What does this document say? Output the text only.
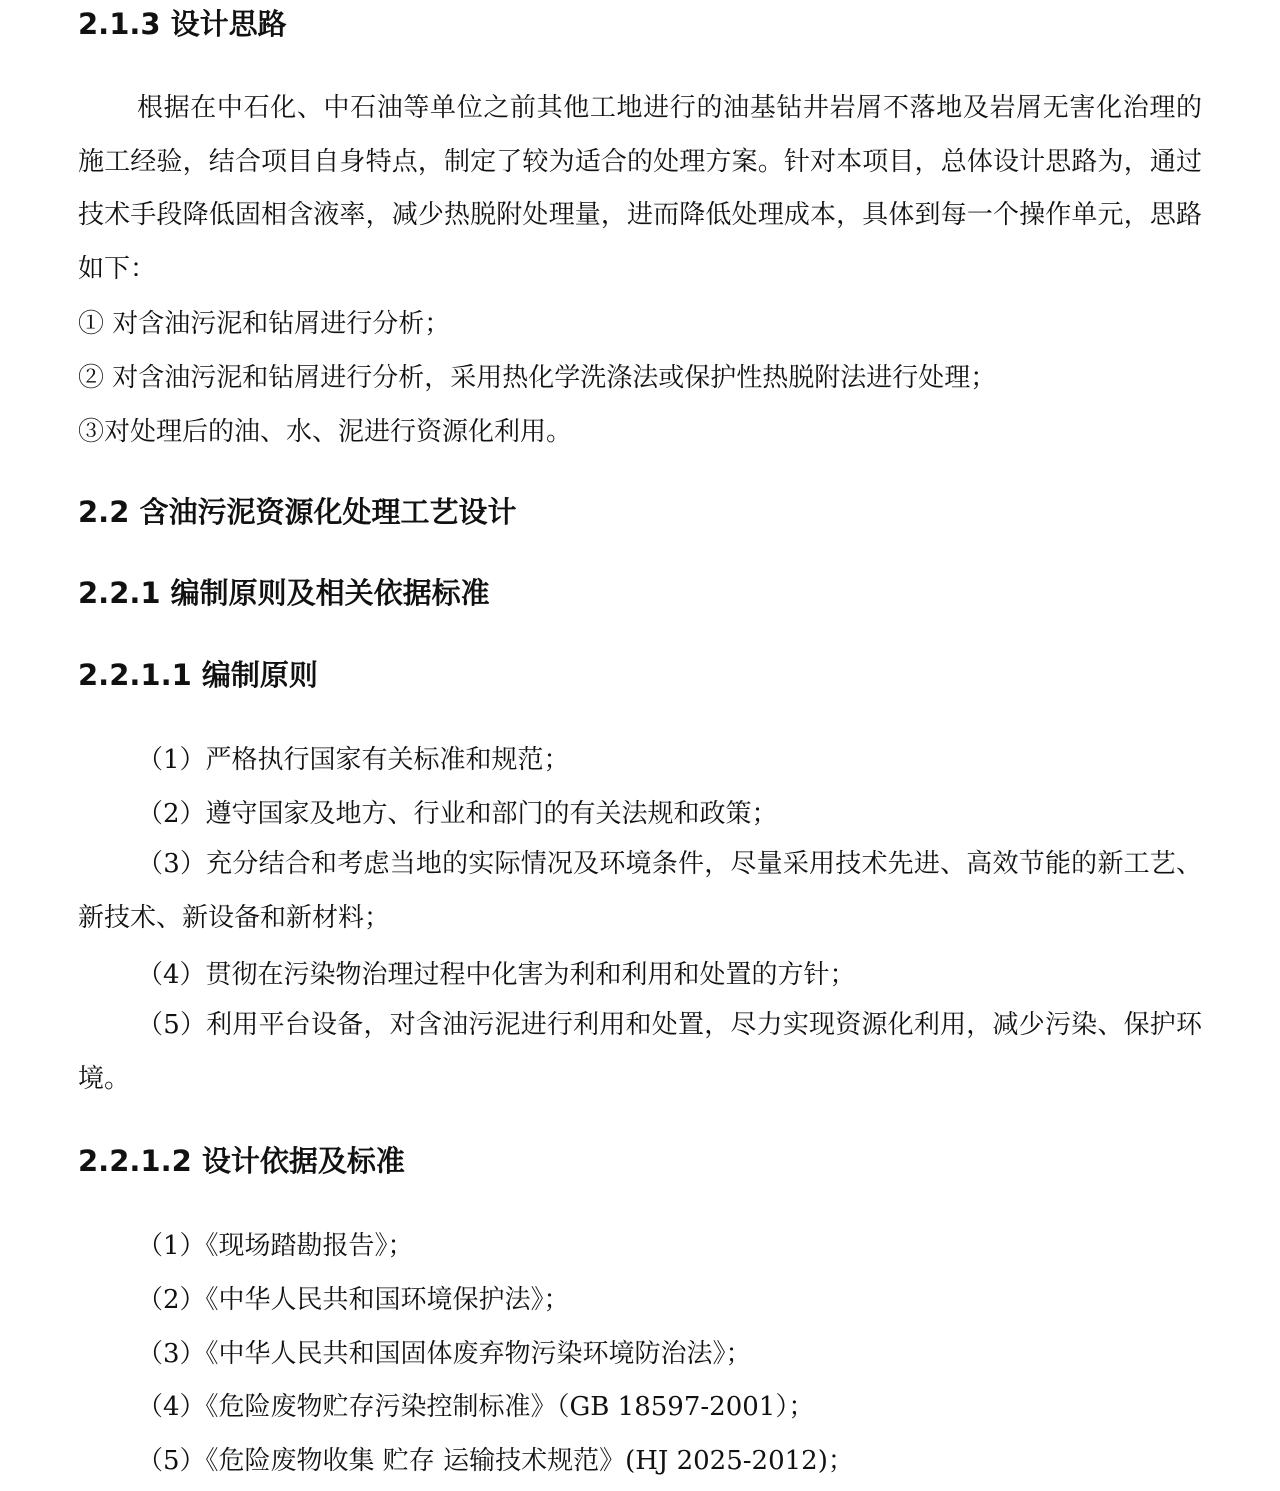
2.1.3 设计思路

根据在中石化、中石油等单位之前其他工地进行的油基钻井岩屑不落地及岩屑无害化治理的施工经验，结合项目自身特点，制定了较为适合的处理方案。针对本项目，总体设计思路为，通过技术手段降低固相含液率，减少热脱附处理量，进而降低处理成本，具体到每一个操作单元，思路如下：

① 对含油污泥和钻屑进行分析；

② 对含油污泥和钻屑进行分析，采用热化学洗涤法或保护性热脱附法进行处理；

③对处理后的油、水、泥进行资源化利用。

2.2 含油污泥资源化处理工艺设计
2.2.1 编制原则及相关依据标准
2.2.1.1 编制原则

（1）严格执行国家有关标准和规范；

（2）遵守国家及地方、行业和部门的有关法规和政策；

（3）充分结合和考虑当地的实际情况及环境条件，尽量采用技术先进、高效节能的新工艺、新技术、新设备和新材料；

（4）贯彻在污染物治理过程中化害为利和利用和处置的方针；

（5）利用平台设备，对含油污泥进行利用和处置，尽力实现资源化利用，减少污染、保护环境。

2.2.1.2 设计依据及标准

（1）《现场踏勘报告》；

（2）《中华人民共和国环境保护法》；

（3）《中华人民共和国固体废弃物污染环境防治法》；

（4）《危险废物贮存污染控制标准》（GB 18597-2001）；

（5）《危险废物收集 贮存 运输技术规范》(HJ 2025-2012)；
